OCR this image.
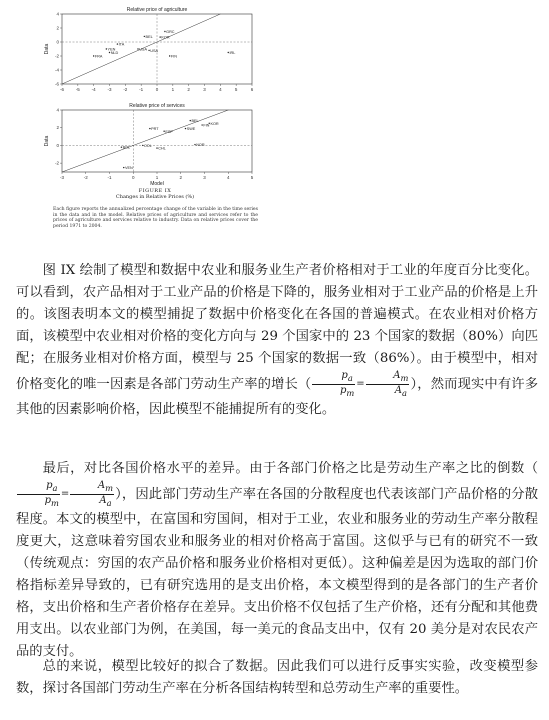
Relative price of agriculture
-6	-5	-4	-3	-2	-1	0	1	2	3	4	5	6
4
2
0
-2
-4
-6
Data
GRC
BEL KOR
ITA
USA
NLD
FRA
YEN	USA
FIN
IRL
Relative price of services
-3	-2	-1	0	1	2	3	4	5
4
2
0
-2
Data
Model
BEL
KOR
FIN
SWE
PRT
ESP
BOL	COL
CHL
NOR
VEN
FIGURE IX
Changes in Relative Prices (%)
Each figure reports the annualized percentage change of the variable in the time series in the data and in the model. Relative prices of agriculture and services refer to the prices of agriculture and services relative to industry. Data on relative prices cover the period 1971 to 2004.

图 IX 绘制了模型和数据中农业和服务业生产者价格相对于工业的年度百分比变化。可以看到，农产品相对于工业产品的价格是下降的，服务业相对于工业产品的价格是上升的。该图表明本文的模型捕捉了数据中价格变化在各国的普遍模式。在农业相对价格方面，该模型中农业相对价格的变化方向与 29 个国家中的 23 个国家的数据（80%）向匹配；在服务业相对价格方面，模型与 25 个国家的数据一致（86%）。由于模型中，相对价格变化的唯一因素是各部门劳动生产率的增长（ $\frac{p_a}{p_m} = \frac{A_m}{A_a}$ ），然而现实中有许多其他的因素影响价格，因此模型不能捕捉所有的变化。

最后，对比各国价格水平的差异。由于各部门价格之比是劳动生产率之比的倒数（
$\frac{p_a}{p_m} = \frac{A_m}{A_a}$ ），因此部门劳动生产率在各国的分散程度也代表该部门产品价格的分散程度。本文的模型中，在富国和穷国间，相对于工业，农业和服务业的劳动生产率分散程度更大，这意味着穷国农业和服务业的相对价格高于富国。这似乎与已有的研究不一致（传统观点：穷国的农产品价格和服务业价格相对更低）。这种偏差是因为选取的部门价格指标差异导致的，已有研究选用的是支出价格，本文模型得到的是各部门的生产者价格，支出价格和生产者价格存在差异。支出价格不仅包括了生产价格，还有分配和其他费用支出。以农业部门为例，在美国，每一美元的食品支出中，仅有 20 美分是对农民农产品的支付。

总的来说，模型比较好的拟合了数据。因此我们可以进行反事实实验，改变模型参数，探讨各国部门劳动生产率在分析各国结构转型和总劳动生产率的重要性。
